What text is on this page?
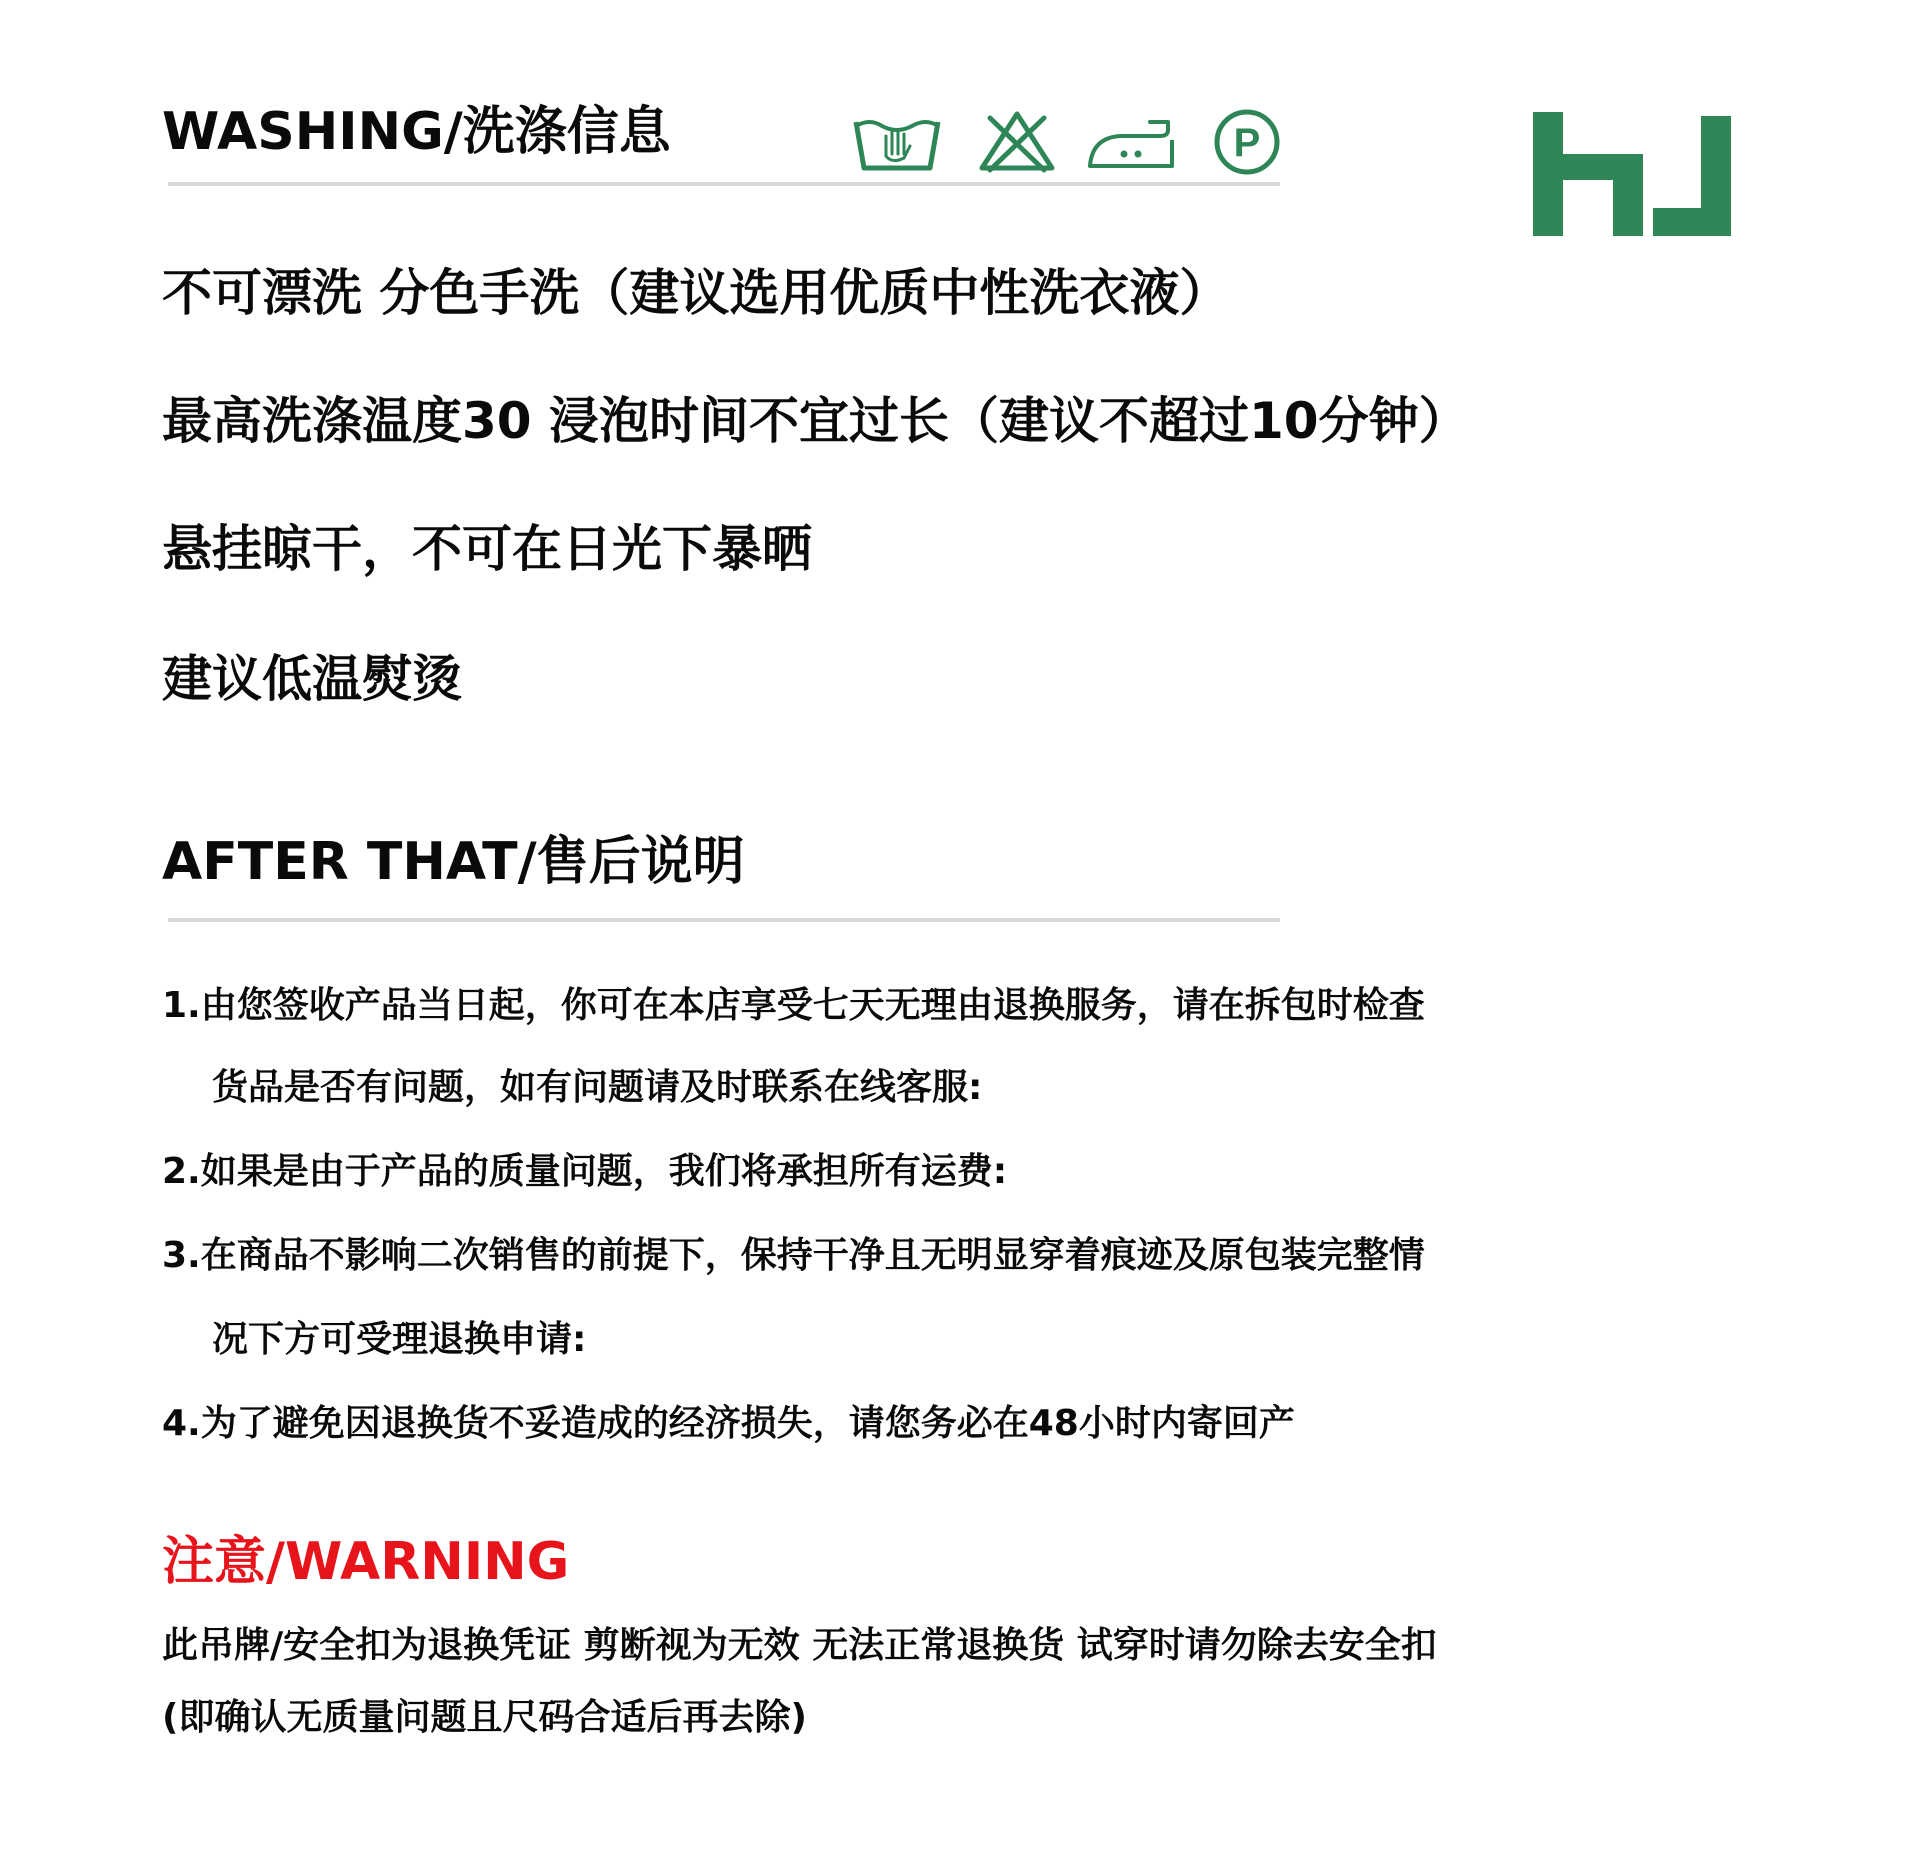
WASHING/洗涤信息	P
不可漂洗 分色手洗（建议选用优质中性洗衣液）
最高洗涤温度30 浸泡时间不宜过长（建议不超过10分钟）
悬挂晾干，不可在日光下暴晒
建议低温熨烫
AFTER THAT/售后说明
1.由您签收产品当日起，你可在本店享受七天无理由退换服务，请在拆包时检查
货品是否有问题，如有问题请及时联系在线客服:
2.如果是由于产品的质量问题，我们将承担所有运费:
3.在商品不影响二次销售的前提下，保持干净且无明显穿着痕迹及原包装完整情
况下方可受理退换申请:
4.为了避免因退换货不妥造成的经济损失，请您务必在48小时内寄回产
注意/WARNING
此吊牌/安全扣为退换凭证 剪断视为无效 无法正常退换货 试穿时请勿除去安全扣
(即确认无质量问题且尺码合适后再去除)
